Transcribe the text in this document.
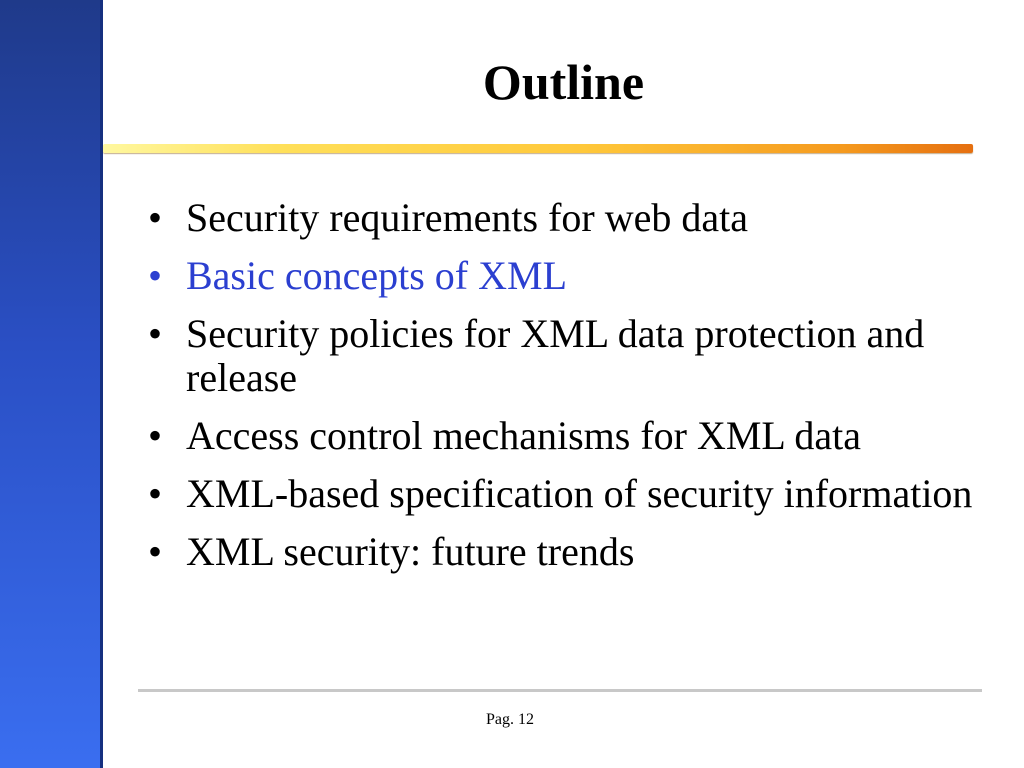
Outline
• Security requirements for web data
• Basic concepts of XML
• Security policies for XML data protection and release
• Access control mechanisms for XML data
• XML-based specification of security information
• XML security: future trends
Pag. 12
